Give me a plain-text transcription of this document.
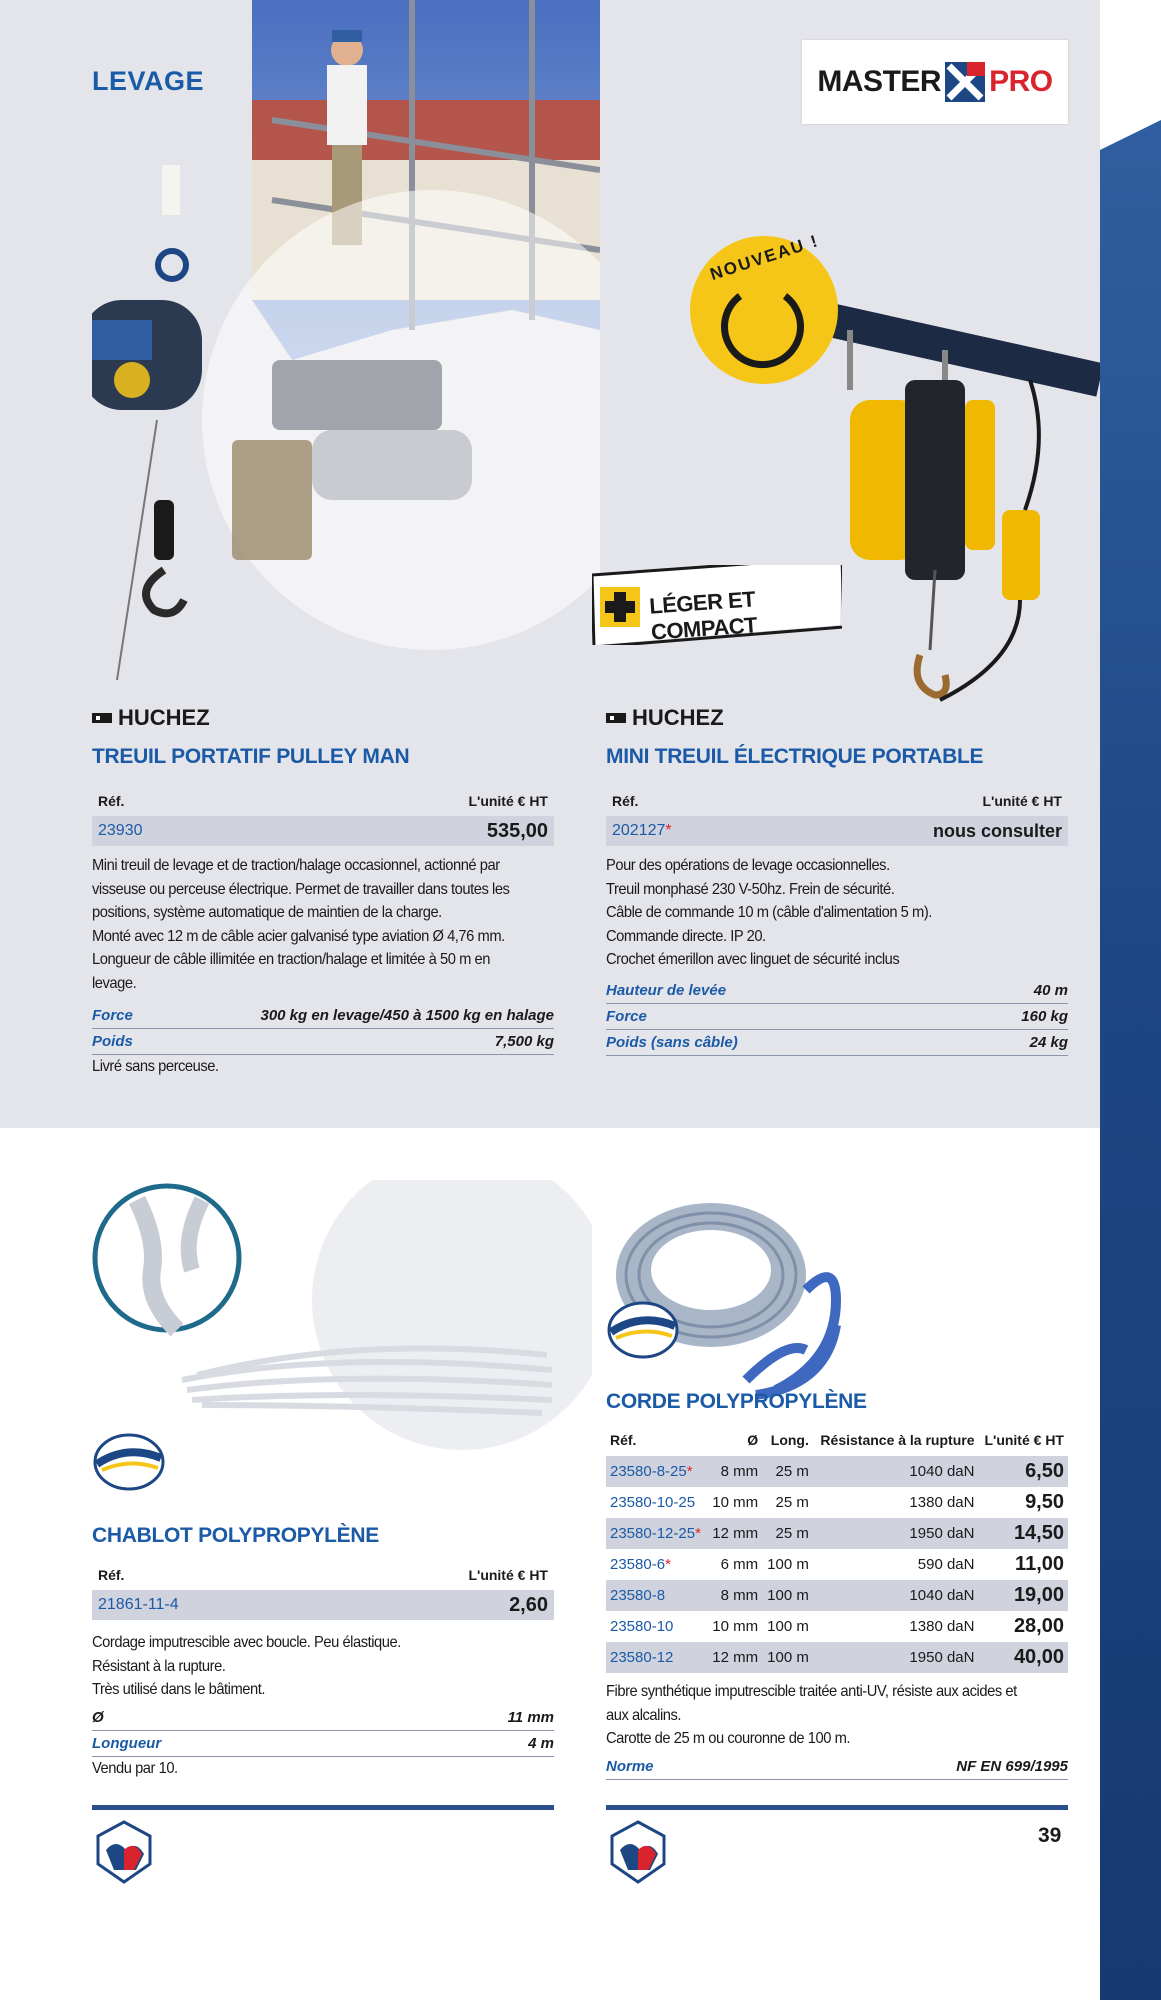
LEVAGE	MASTER PRO
NOUVEAU !
LÉGER ET COMPACT
HUCHEZ
TREUIL PORTATIF PULLEY MAN
Réf.	L'unité € HT
23930	535,00
Mini treuil de levage et de traction/halage occasionnel, actionné par
visseuse ou perceuse électrique. Permet de travailler dans toutes les
positions, système automatique de maintien de la charge.
Monté avec 12 m de câble acier galvanisé type aviation Ø 4,76 mm.
Longueur de câble illimitée en traction/halage et limitée à 50 m en
levage.
Force	300 kg en levage/450 à 1500 kg en halage
Poids	7,500 kg
Livré sans perceuse.
HUCHEZ
MINI TREUIL ÉLECTRIQUE PORTABLE
Réf.	L'unité € HT
202127*	nous consulter
Pour des opérations de levage occasionnelles.
Treuil monphasé 230 V-50hz. Frein de sécurité.
Câble de commande 10 m (câble d'alimentation 5 m).
Commande directe. IP 20.
Crochet émerillon avec linguet de sécurité inclus
Hauteur de levée	40 m
Force	160 kg
Poids (sans câble)	24 kg
CHABLOT POLYPROPYLÈNE
Réf.	L'unité € HT
21861-11-4	2,60
Cordage imputrescible avec boucle. Peu élastique.
Résistant à la rupture.
Très utilisé dans le bâtiment.
Ø	11 mm
Longueur	4 m
Vendu par 10.
CORDE POLYPROPYLÈNE
Réf.	Ø	Long.	Résistance à la rupture	L'unité € HT
23580-8-25*	8 mm	25 m	1040 daN	6,50
23580-10-25	10 mm	25 m	1380 daN	9,50
23580-12-25*	12 mm	25 m	1950 daN	14,50
23580-6*	6 mm	100 m	590 daN	11,00
23580-8	8 mm	100 m	1040 daN	19,00
23580-10	10 mm	100 m	1380 daN	28,00
23580-12	12 mm	100 m	1950 daN	40,00
Fibre synthétique imputrescible traitée anti-UV, résiste aux acides et
aux alcalins.
Carotte de 25 m ou couronne de 100 m.
Norme	NF EN 699/1995
39
